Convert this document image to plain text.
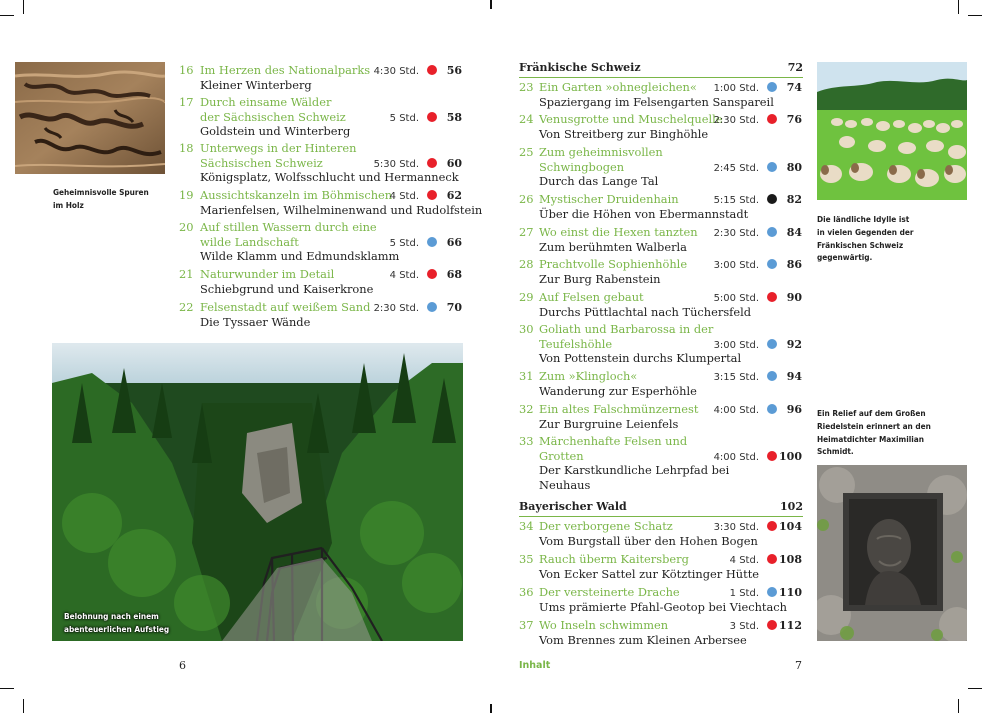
Geheimnisvolle Spuren
im Holz
16 Im Herzen des Nationalparks
Kleiner Winterberg
4:30 Std.	56
17 Durch einsame Wälder
der Sächsischen Schweiz
Goldstein und Winterberg
5 Std.	58
18 Unterwegs in der Hinteren
Sächsischen Schweiz
Königsplatz, Wolfsschlucht und Hermanneck
5:30 Std.	60
19 Aussichtskanzeln im Böhmischen
Marienfelsen, Wilhelminenwand und Rudolfstein
4 Std.	62
20 Auf stillen Wassern durch eine
wilde Landschaft
Wilde Klamm und Edmundsklamm
5 Std.	66
21 Naturwunder im Detail
Schiebgrund und Kaiserkrone
4 Std.	68
22 Felsenstadt auf weißem Sand
Die Tyssaer Wände
2:30 Std.	70
Belohnung nach einem
abenteuerlichen Aufstieg
6
Fränkische Schweiz	72
23 Ein Garten »ohnegleichen«
Spaziergang im Felsengarten Sanspareil
1:00 Std.	74
24 Venusgrotte und Muschelquelle
Von Streitberg zur Binghöhle
2:30 Std.	76
25 Zum geheimnisvollen
Schwingbogen
Durch das Lange Tal
2:45 Std.	80
26 Mystischer Druidenhain
Über die Höhen von Ebermannstadt
5:15 Std.	82
27 Wo einst die Hexen tanzten
Zum berühmten Walberla
2:30 Std.	84
28 Prachtvolle Sophienhöhle
Zur Burg Rabenstein
3:00 Std.	86
29 Auf Felsen gebaut
Durchs Püttlachtal nach Tüchersfeld
5:00 Std.	90
30 Goliath und Barbarossa in der
Teufelshöhle
Von Pottenstein durchs Klumpertal
3:00 Std.	92
31 Zum »Klingloch«
Wanderung zur Esperhöhle
3:15 Std.	94
32 Ein altes Falschmünzernest
Zur Burgruine Leienfels
4:00 Std.	96
33 Märchenhafte Felsen und
Grotten
Der Karstkundliche Lehrpfad bei
Neuhaus
4:00 Std.	100
Bayerischer Wald	102
34 Der verborgene Schatz
Vom Burgstall über den Hohen Bogen
3:30 Std.	104
35 Rauch überm Kaitersberg
Von Ecker Sattel zur Kötztinger Hütte
4 Std.	108
36 Der versteinerte Drache
Ums prämierte Pfahl-Geotop bei Viechtach
1 Std.	110
37 Wo Inseln schwimmen
Vom Brennes zum Kleinen Arbersee
3 Std.	112
Inhalt	7
Die ländliche Idylle ist
in vielen Gegenden der
Fränkischen Schweiz
gegenwärtig.
Ein Relief auf dem Großen
Riedelstein erinnert an den
Heimatdichter Maximilian
Schmidt.
